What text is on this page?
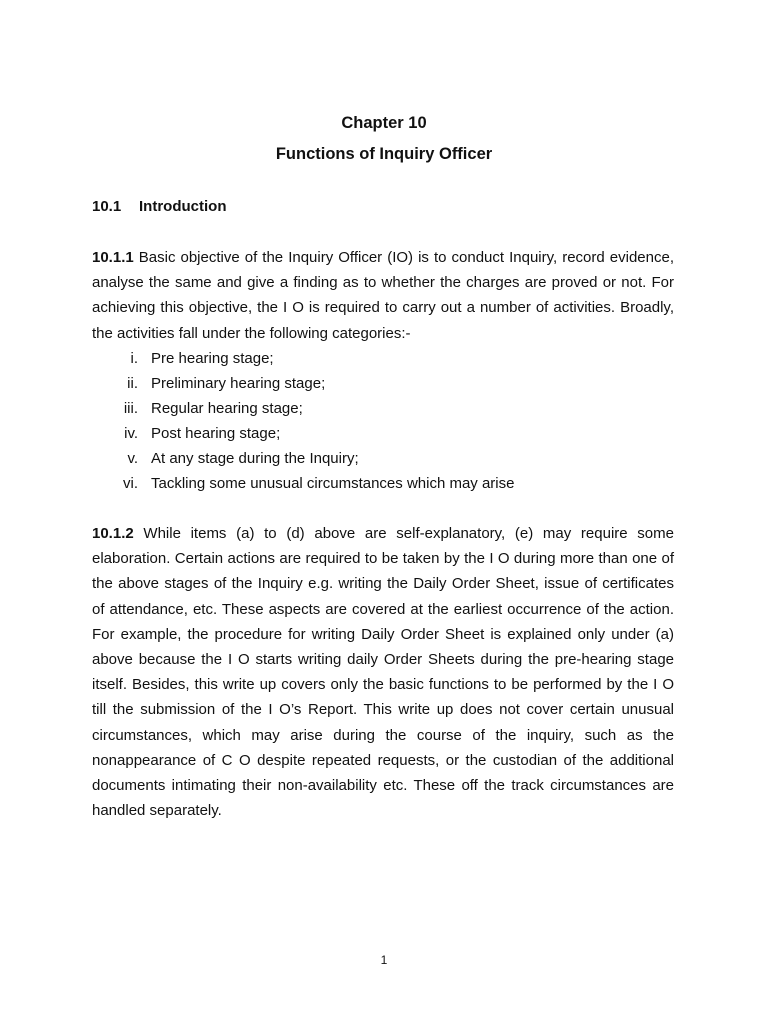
Chapter 10
Functions of Inquiry Officer
10.1 Introduction

10.1.1 Basic objective of the Inquiry Officer (IO) is to conduct Inquiry, record evidence, analyse the same and give a finding as to whether the charges are proved or not. For achieving this objective, the I O is required to carry out a number of activities. Broadly, the activities fall under the following categories:-

i. Pre hearing stage;
ii. Preliminary hearing stage;
iii. Regular hearing stage;
iv. Post hearing stage;
v. At any stage during the Inquiry;
vi. Tackling some unusual circumstances which may arise

10.1.2 While items (a) to (d) above are self-explanatory, (e) may require some elaboration. Certain actions are required to be taken by the I O during more than one of the above stages of the Inquiry e.g. writing the Daily Order Sheet, issue of certificates of attendance, etc. These aspects are covered at the earliest occurrence of the action. For example, the procedure for writing Daily Order Sheet is explained only under (a) above because the I O starts writing daily Order Sheets during the pre-hearing stage itself. Besides, this write up covers only the basic functions to be performed by the I O till the submission of the I O’s Report. This write up does not cover certain unusual circumstances, which may arise during the course of the inquiry, such as the nonappearance of C O despite repeated requests, or the custodian of the additional documents intimating their non-availability etc. These off the track circumstances are handled separately.

1
